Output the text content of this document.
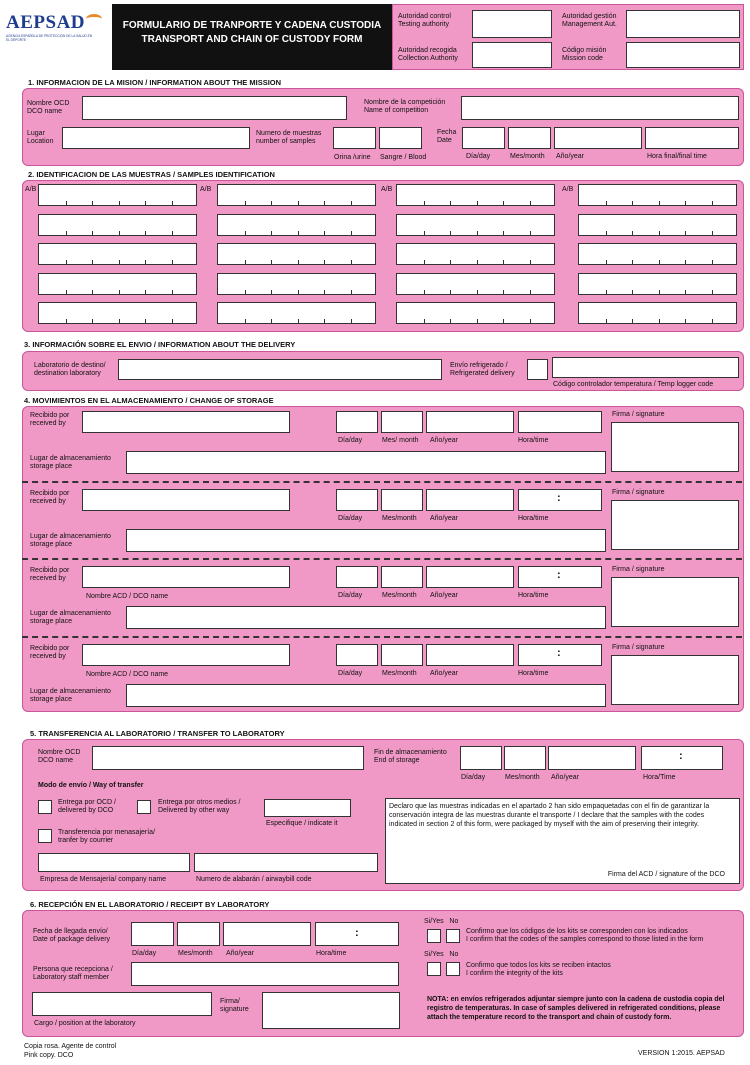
AEPSAD
AGENCIA ESPAÑOLA DE PROTECCIÓN DE LA SALUD EN EL DEPORTE
FORMULARIO DE TRANPORTE Y CADENA CUSTODIA
TRANSPORT AND CHAIN OF CUSTODY FORM
Autoridad control
Testing authority
Autoridad gestión
Management Aut.
Autoridad recogida
Collection Authority
Código misión
Mission code
1. INFORMACION DE LA MISION / INFORMATION ABOUT THE MISSION
Nombre OCD
DCO name
Nombre de la competición
Name of competition
Lugar
Location
Numero de muestras
number of samples
Orina /urine Sangre / Blood
Fecha
Date
Día/day	Mes/month Año/year	Hora final/final time
2. IDENTIFICACION DE LAS MUESTRAS / SAMPLES IDENTIFICATION
A/B	A/B	A/B	A/B
3. INFORMACIÓN SOBRE EL ENVIO / INFORMATION ABOUT THE DELIVERY
Laboratorio de destino/
destination laboratory
Envío refrigerado /
Refrigerated delivery
Código controlador temperatura / Temp logger code
4. MOVIMIENTOS EN EL ALMACENAMIENTO / CHANGE OF STORAGE
Recibido por
received by
Día/day	Mes/ month Año/year	Hora/time
Firma / signature
Lugar de almacenamiento
storage place
Recibido por
received by	:
Día/day	Mes/month Año/year	Hora/time
Firma / signature
Lugar de almacenamiento
storage place
Recibido por
received by
Nombre ACD / DCO name
:
Día/day	Mes/month Año/year	Hora/time
Firma / signature
Lugar de almacenamiento
storage place
Recibido por
received by
Nombre ACD / DCO name
:
Día/day	Mes/month Año/year	Hora/time
Firma / signature
Lugar de almacenamiento
storage place
5. TRANSFERENCIA AL LABORATORIO / TRANSFER TO LABORATORY
Nombre OCD
DCO name
Fin de almacenamiento
End of storage	:
Día/day	Mes/month Año/year	Hora/Time
Modo de envío / Way of transfer
Entrega por OCD /
delivered by DCO
Entrega por otros medios /
Delivered by other way
Especifique / indicate it
Transferencia por menasajería/
tranfer by courrier
Empresa de Mensajería/ company name	Numero de alabarán / airwaybill code
Declaro que las muestras indicadas en el apartado 2 han sido empaquetadas con el fin de garantizar la conservación integra de las muestras durante el transporte / I declare that the samples with the codes indicated in section 2 of this form, were packaged by myself with the aim of preserving their integrity.
Firma del ACD / signature of the DCO
6. RECEPCIÓN EN EL LABORATORIO / RECEIPT BY LABORATORY
Fecha de llegada envío/
Date of package delivery
:
Día/day	Mes/month Año/year	Hora/time
Persona que recepciona /
Laboratory staff member
Firma/
signature
Cargo / position at the laboratory
Si/Yes   No
Confirmo que los códigos de los kits se corresponden con los indicados
I confirm that the codes of the samples correspond to those listed in the form
Si/Yes   No
Confirmo que todos los kits se reciben intactos
I confirm the integrity of the kits
NOTA: en envíos refrigerados adjuntar siempre junto con la cadena de custodia copia del registro de temperaturas. In case of samples delivered in refrigerated conditions, please attach the temperature record to the transport and chain of custody form.
Copia rosa. Agente de control
Pink copy. DCO	VERSION 1:2015. AEPSAD
